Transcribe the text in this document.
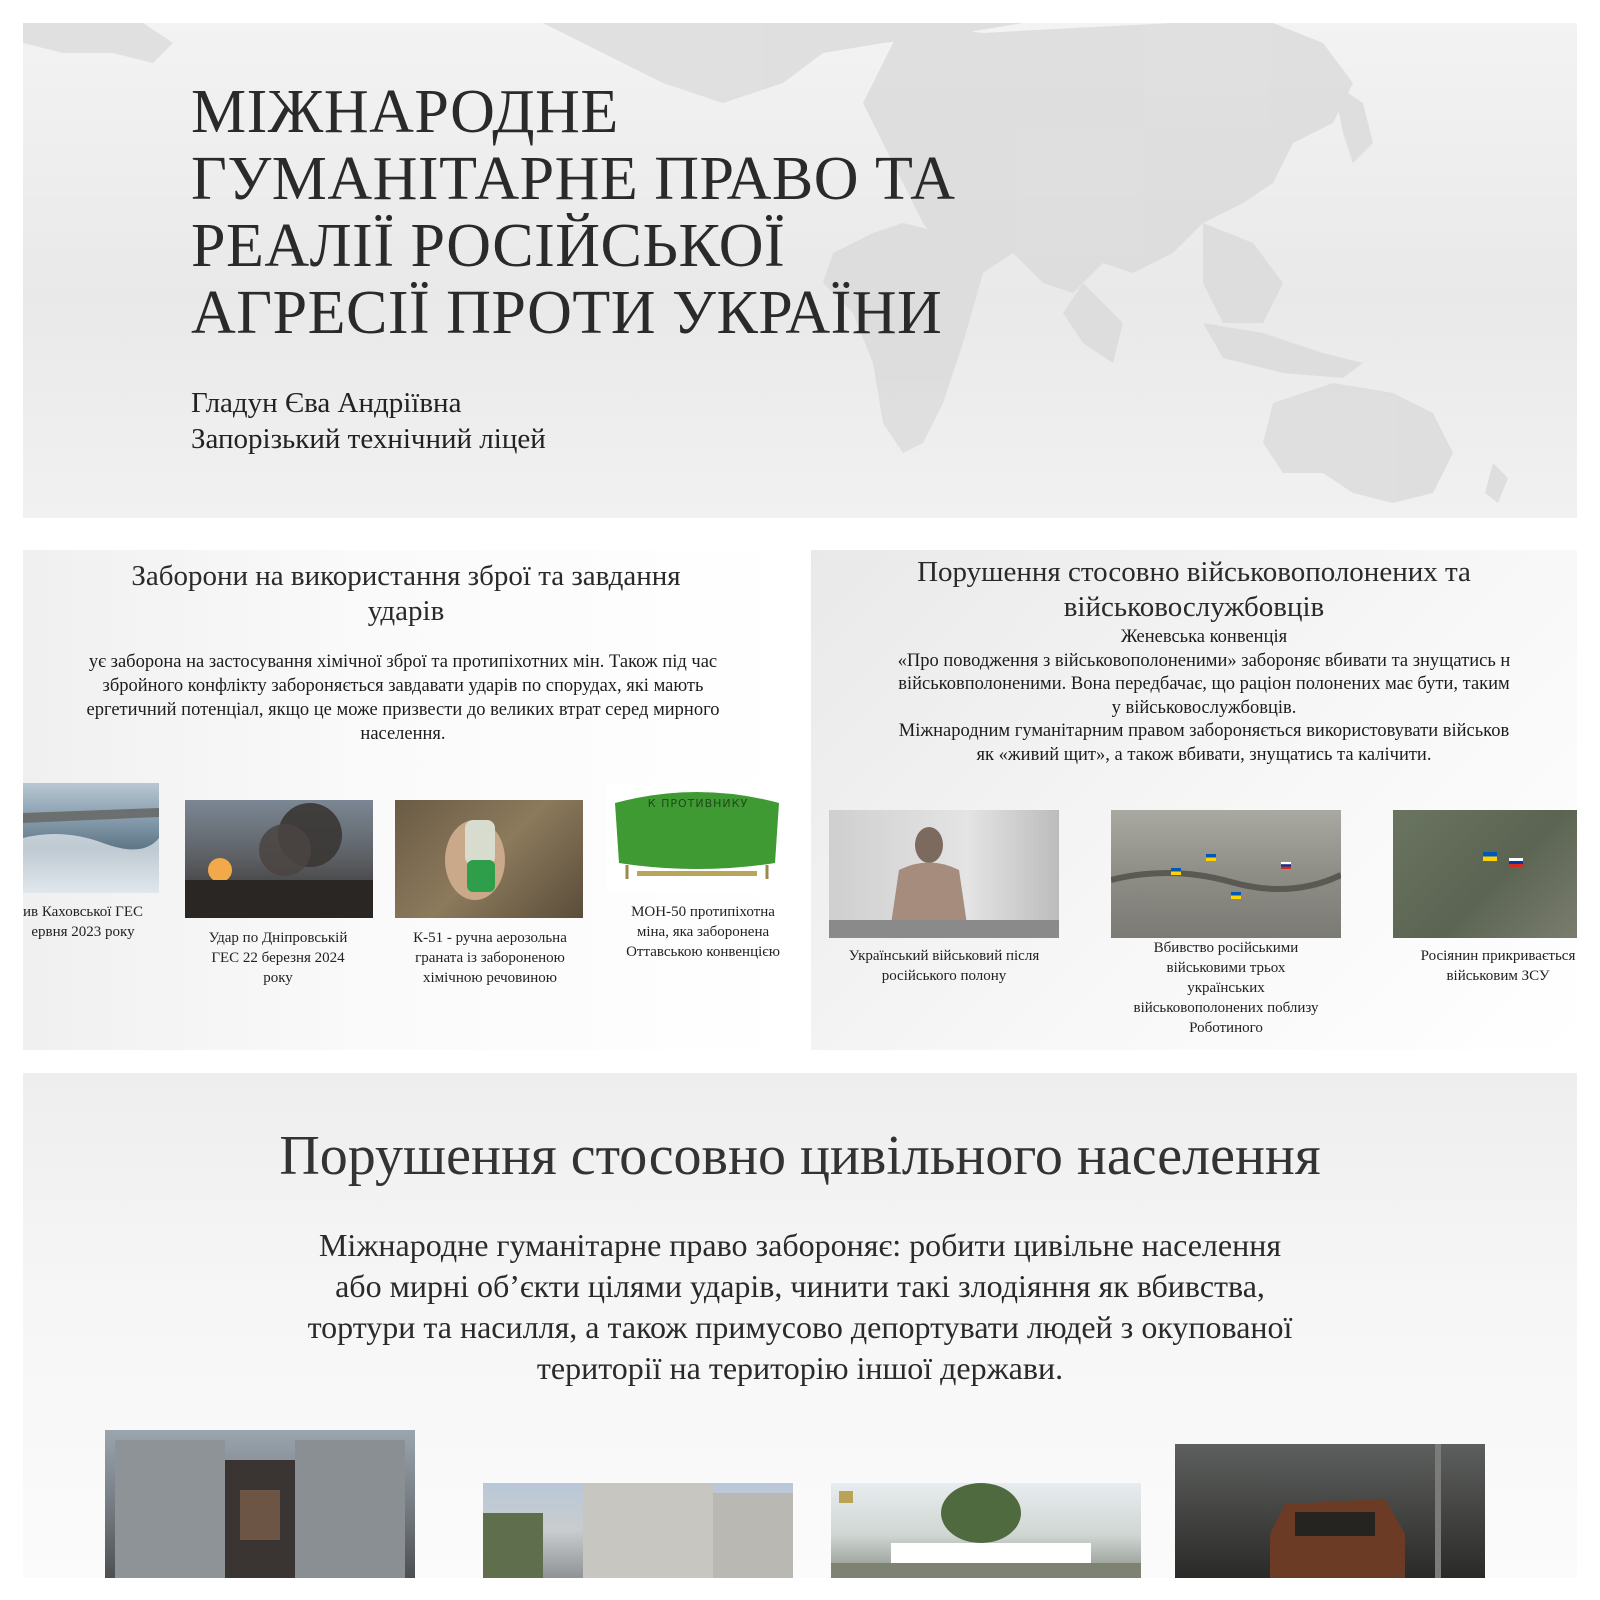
МІЖНАРОДНЕ
ГУМАНІТАРНЕ ПРАВО ТА
РЕАЛІЇ РОСІЙСЬКОЇ
АГРЕСІЇ ПРОТИ УКРАЇНИ
Гладун Єва Андріївна
Запорізький технічний ліцей
Заборони на використання зброї та завдання
ударів
ує заборона на застосування хімічної зброї та протипіхотних мін. Також під час
збройного конфлікту забороняється завдавати ударів по спорудах, які мають
ергетичний потенціал, якщо це може призвести до великих втрат серед мирного
населення.
ив Каховської ГЕС
ервня 2023 року	Удар по Дніпровській
ГЕС 22 березня 2024
року
К-51 - ручна аерозольна
граната із забороненою
хімічною речовиною
К ПРОТИВНИКУ
МОН-50 протипіхотна
міна, яка заборонена
Оттавською конвенцією
Порушення стосовно військовополонених та
військовослужбовців
Женевська конвенція
«Про поводження з військовополоненими» забороняє вбивати та знущатись н
військовполоненими. Вона передбачає, що раціон полонених має бути, таким
у військовослужбовців.
Міжнародним гуманітарним правом забороняється використовувати військов
як «живий щит», а також вбивати, знущатись та калічити.
Український військовий після
російського полону
Вбивство російськими
військовими трьох
українських
військовополонених поблизу
Роботиного
Росіянин прикривається
військовим ЗСУ
Порушення стосовно цивільного населення
Міжнародне гуманітарне право забороняє: робити цивільне населення
або мирні об’єкти цілями ударів, чинити такі злодіяння як вбивства,
тортури та насилля, а також примусово депортувати людей з окупованої
території на територію іншої держави.
